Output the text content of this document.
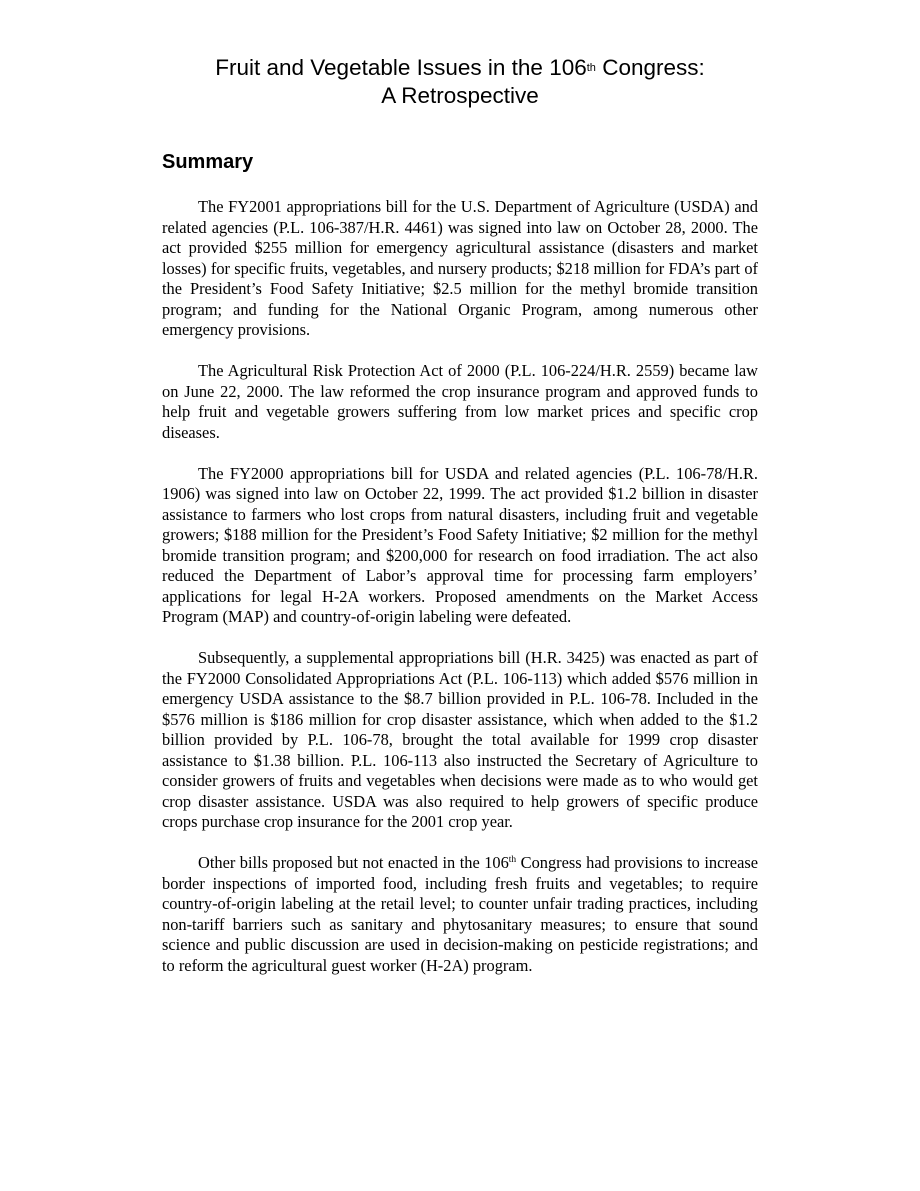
Fruit and Vegetable Issues in the 106th Congress:
A Retrospective
Summary

The FY2001 appropriations bill for the U.S. Department of Agriculture (USDA) and related agencies (P.L. 106-387/H.R. 4461) was signed into law on October 28, 2000. The act provided $255 million for emergency agricultural assistance (disasters and market losses) for specific fruits, vegetables, and nursery products; $218 million for FDA’s part of the President’s Food Safety Initiative; $2.5 million for the methyl bromide transition program; and funding for the National Organic Program, among numerous other emergency provisions.

The Agricultural Risk Protection Act of 2000 (P.L. 106-224/H.R. 2559) became law on June 22, 2000. The law reformed the crop insurance program and approved funds to help fruit and vegetable growers suffering from low market prices and specific crop diseases.

The FY2000 appropriations bill for USDA and related agencies (P.L. 106-78/H.R. 1906) was signed into law on October 22, 1999. The act provided $1.2 billion in disaster assistance to farmers who lost crops from natural disasters, including fruit and vegetable growers; $188 million for the President’s Food Safety Initiative; $2 million for the methyl bromide transition program; and $200,000 for research on food irradiation. The act also reduced the Department of Labor’s approval time for processing farm employers’ applications for legal H-2A workers. Proposed amendments on the Market Access Program (MAP) and country-of-origin labeling were defeated.

Subsequently, a supplemental appropriations bill (H.R. 3425) was enacted as part of the FY2000 Consolidated Appropriations Act (P.L. 106-113) which added $576 million in emergency USDA assistance to the $8.7 billion provided in P.L. 106-78. Included in the $576 million is $186 million for crop disaster assistance, which when added to the $1.2 billion provided by P.L. 106-78, brought the total available for 1999 crop disaster assistance to $1.38 billion. P.L. 106-113 also instructed the Secretary of Agriculture to consider growers of fruits and vegetables when decisions were made as to who would get crop disaster assistance. USDA was also required to help growers of specific produce crops purchase crop insurance for the 2001 crop year.

Other bills proposed but not enacted in the 106th Congress had provisions to increase border inspections of imported food, including fresh fruits and vegetables; to require country-of-origin labeling at the retail level; to counter unfair trading practices, including non-tariff barriers such as sanitary and phytosanitary measures; to ensure that sound science and public discussion are used in decision-making on pesticide registrations; and to reform the agricultural guest worker (H-2A) program.
